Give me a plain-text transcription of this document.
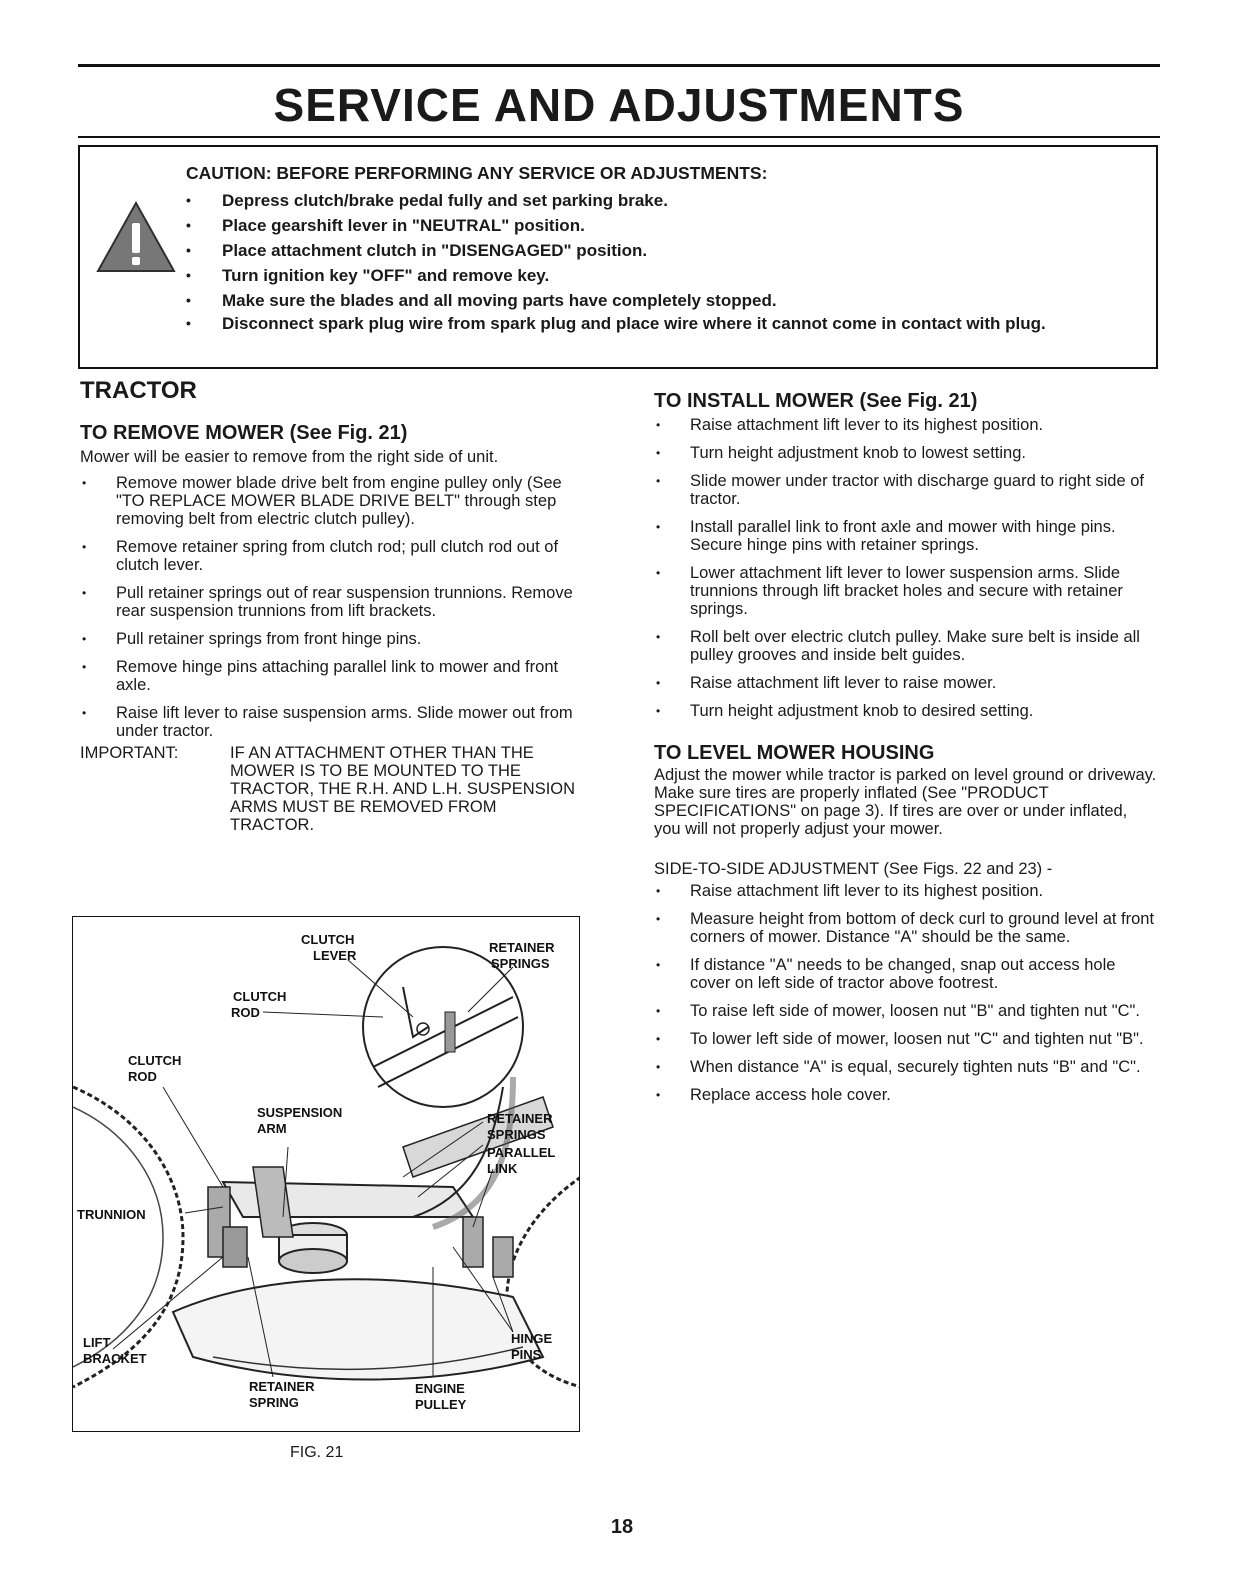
SERVICE AND ADJUSTMENTS
CAUTION: BEFORE PERFORMING ANY SERVICE OR ADJUSTMENTS:
• Depress clutch/brake pedal fully and set parking brake.
• Place gearshift lever in "NEUTRAL" position.
• Place attachment clutch in "DISENGAGED" position.
• Turn ignition key "OFF" and remove key.
• Make sure the blades and all moving parts have completely stopped.
• Disconnect spark plug wire from spark plug and place wire where it cannot come in contact with plug.
TRACTOR
TO REMOVE MOWER (See Fig. 21)

Mower will be easier to remove from the right side of unit.

• Remove mower blade drive belt from engine pulley only (See "TO REPLACE MOWER BLADE DRIVE BELT" through step removing belt from electric clutch pulley).
• Remove retainer spring from clutch rod; pull clutch rod out of clutch lever.
• Pull retainer springs out of rear suspension trunnions. Remove rear suspension trunnions from lift brackets.
• Pull retainer springs from front hinge pins.
• Remove hinge pins attaching parallel link to mower and front axle.
• Raise lift lever to raise suspension arms. Slide mower out from under tractor.
IMPORTANT:	IF AN ATTACHMENT OTHER THAN THE MOWER IS TO BE MOUNTED TO THE TRACTOR, THE R.H. AND L.H. SUSPENSION ARMS MUST BE REMOVED FROM TRACTOR.
CLUTCH
LEVER
RETAINER
SPRINGS
CLUTCH
ROD
CLUTCH
ROD
SUSPENSION
ARM
RETAINER
SPRINGS
PARALLEL
LINK
TRUNNION
LIFT
BRACKET
HINGE
PINS
RETAINER
SPRING
ENGINE
PULLEY
FIG. 21
TO INSTALL MOWER (See Fig. 21)
• Raise attachment lift lever to its highest position.
• Turn height adjustment knob to lowest setting.
• Slide mower under tractor with discharge guard to right side of tractor.
• Install parallel link to front axle and mower with hinge pins. Secure hinge pins with retainer springs.
• Lower attachment lift lever to lower suspension arms. Slide trunnions through lift bracket holes and secure with retainer springs.
• Roll belt over electric clutch pulley. Make sure belt is inside all pulley grooves and inside belt guides.
• Raise attachment lift lever to raise mower.
• Turn height adjustment knob to desired setting.
TO LEVEL MOWER HOUSING

Adjust the mower while tractor is parked on level ground or driveway. Make sure tires are properly inflated (See "PRODUCT SPECIFICATIONS" on page 3). If tires are over or under inflated, you will not properly adjust your mower.

SIDE-TO-SIDE ADJUSTMENT (See Figs. 22 and 23) -

• Raise attachment lift lever to its highest position.
• Measure height from bottom of deck curl to ground level at front corners of mower. Distance "A" should be the same.
• If distance "A" needs to be changed, snap out access hole cover on left side of tractor above footrest.
• To raise left side of mower, loosen nut "B" and tighten nut "C".
• To lower left side of mower, loosen nut "C" and tighten nut "B".
• When distance "A" is equal, securely tighten nuts "B" and "C".
• Replace access hole cover.
18
